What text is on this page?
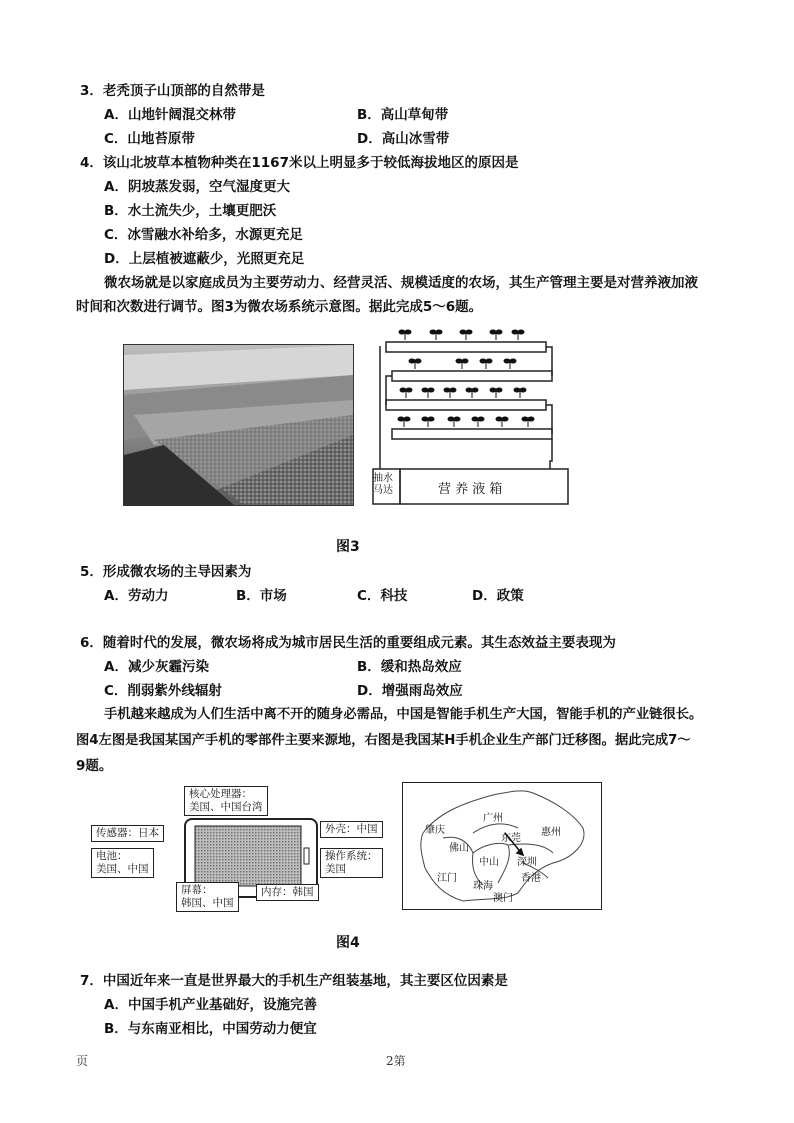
3．老秃顶子山顶部的自然带是
A．山地针阔混交林带	B．高山草甸带
C．山地苔原带	D．高山冰雪带
4．该山北坡草本植物种类在1167米以上明显多于较低海拔地区的原因是
A．阴坡蒸发弱，空气湿度更大
B．水土流失少，土壤更肥沃
C．冰雪融水补给多，水源更充足
D．上层植被遮蔽少，光照更充足
微农场就是以家庭成员为主要劳动力、经营灵活、规模适度的农场，其生产管理主要是对营养液加液
时间和次数进行调节。图3为微农场系统示意图。据此完成5～6题。
抽水
马达	营 养 液 箱
图3
5．形成微农场的主导因素为
A．劳动力	B．市场	C．科技	D．政策
6．随着时代的发展，微农场将成为城市居民生活的重要组成元素。其生态效益主要表现为
A．减少灰霾污染	B．缓和热岛效应
C．削弱紫外线辐射	D．增强雨岛效应
手机越来越成为人们生活中离不开的随身必需品，中国是智能手机生产大国，智能手机的产业链很长。
图4左图是我国某国产手机的零部件主要来源地，右图是我国某H手机企业生产部门迁移图。据此完成7～
9题。
核心处理器：
美国、中国台湾
传感器：日本
电池：
美国、中国
外壳：中国
操作系统：
美国
屏幕：
韩国、中国
内存：韩国
肇庆
广州
惠州
佛山
东莞
中山 深圳
江门
珠海
香港
澳门
图4
7．中国近年来一直是世界最大的手机生产组装基地，其主要区位因素是
A．中国手机产业基础好，设施完善
B．与东南亚相比，中国劳动力便宜
页	2第
